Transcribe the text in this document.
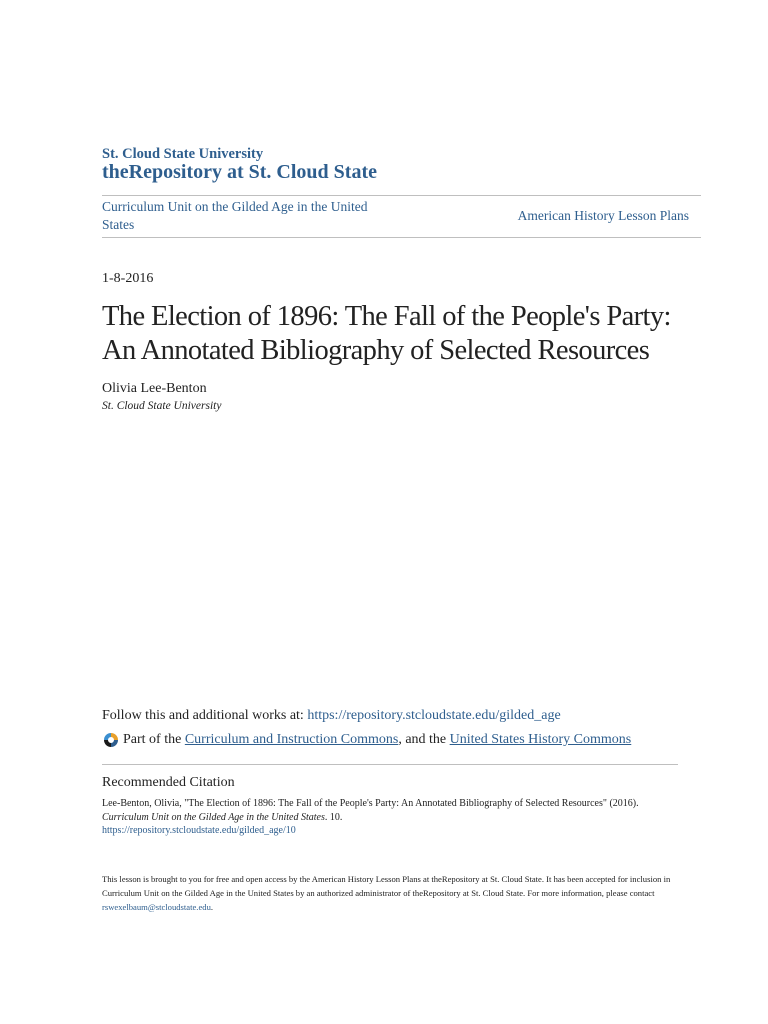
St. Cloud State University
theRepository at St. Cloud State
Curriculum Unit on the Gilded Age in the United States
American History Lesson Plans
1-8-2016
The Election of 1896: The Fall of the People's Party:
An Annotated Bibliography of Selected Resources
Olivia Lee-Benton
St. Cloud State University
Follow this and additional works at: https://repository.stcloudstate.edu/gilded_age
Part of the
Curriculum and Instruction Commons , and the
United States History Commons
Recommended Citation
Lee-Benton, Olivia, "The Election of 1896: The Fall of the People's Party: An Annotated Bibliography of Selected Resources" (2016).
Curriculum Unit on the Gilded Age in the United States. 10.
https://repository.stcloudstate.edu/gilded_age/10
This lesson is brought to you for free and open access by the American History Lesson Plans at theRepository at St. Cloud State. It has been accepted for inclusion in Curriculum Unit on the Gilded Age in the United States by an authorized administrator of theRepository at St. Cloud State. For more information, please contact rswexelbaum@stcloudstate.edu.
